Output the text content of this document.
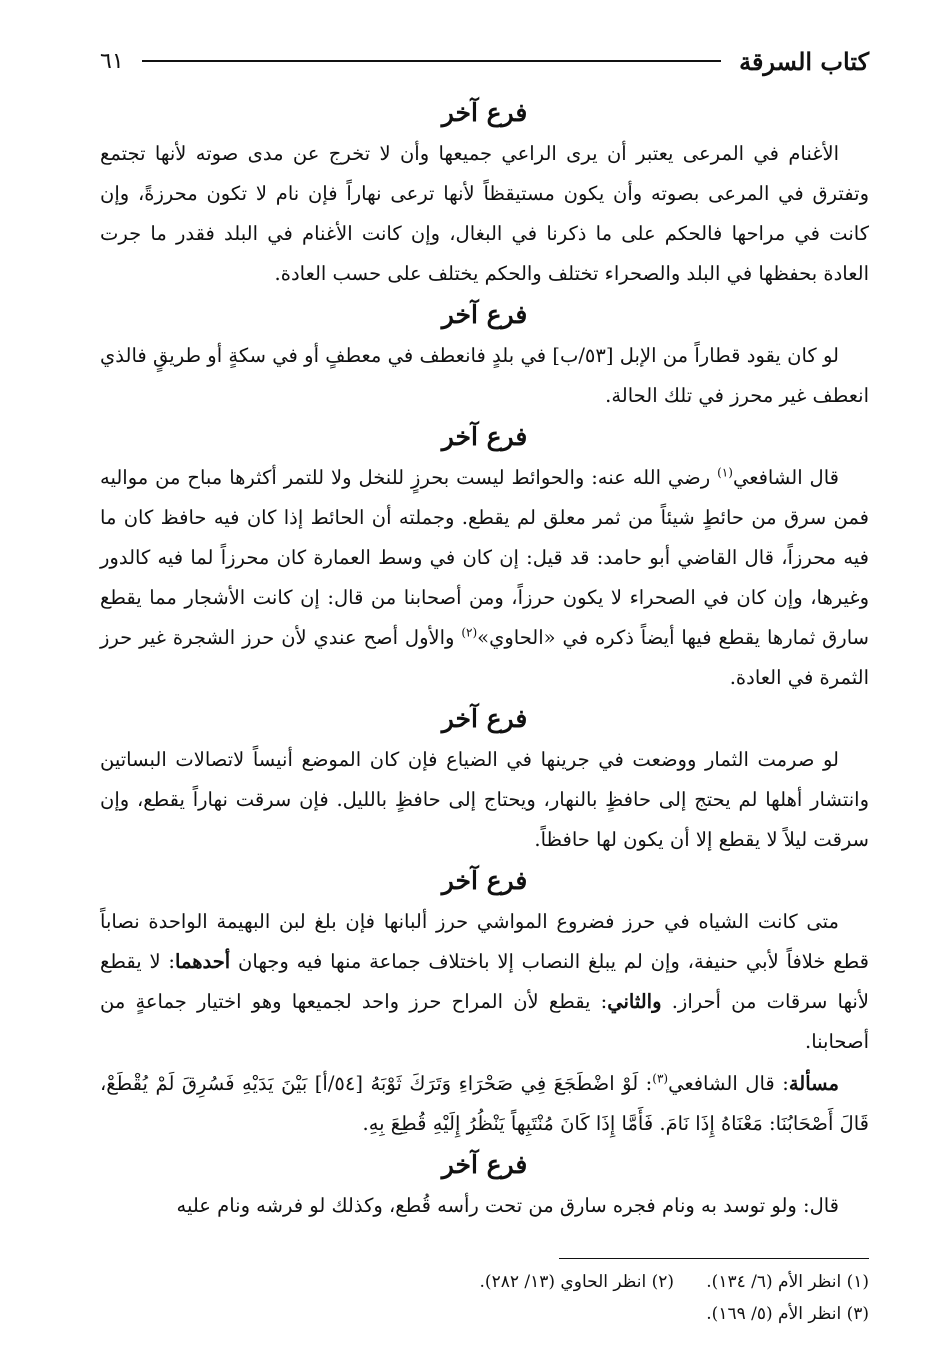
كتاب السرقة
٦١
فرع آخر

الأغنام في المرعى يعتبر أن يرى الراعي جميعها وأن لا تخرج عن مدى صوته لأنها تجتمع وتفترق في المرعى بصوته وأن يكون مستيقظاً لأنها ترعى نهاراً فإن نام لا تكون محرزةً، وإن كانت في مراحها فالحكم على ما ذكرنا في البغال، وإن كانت الأغنام في البلد فقدر ما جرت العادة بحفظها في البلد والصحراء تختلف والحكم يختلف على حسب العادة.

فرع آخر

لو كان يقود قطاراً من الإبل [٥٣/ب] في بلدٍ فانعطف في معطفٍ أو في سكةٍ أو طريقٍ فالذي انعطف غير محرز في تلك الحالة.

فرع آخر

قال الشافعي$^{(١)}$ رضي الله عنه: والحوائط ليست بحرزٍ للنخل ولا للتمر أكثرها مباح من مواليه فمن سرق من حائطٍ شيئاً من ثمر معلق لم يقطع. وجملته أن الحائط إذا كان فيه حافظ كان ما فيه محرزاً، قال القاضي أبو حامد: قد قيل: إن كان في وسط العمارة كان محرزاً لما فيه كالدور وغيرها، وإن كان في الصحراء لا يكون حرزاً، ومن أصحابنا من قال: إن كانت الأشجار مما يقطع سارق ثمارها يقطع فيها أيضاً ذكره في «الحاوي»$^{(٢)}$ والأول أصح عندي لأن حرز الشجرة غير حرز الثمرة في العادة.

فرع آخر

لو صرمت الثمار ووضعت في جرينها في الضياع فإن كان الموضع أنيساً لاتصالات البساتين وانتشار أهلها لم يحتج إلى حافظٍ بالنهار، ويحتاج إلى حافظٍ بالليل. فإن سرقت نهاراً يقطع، وإن سرقت ليلاً لا يقطع إلا أن يكون لها حافظاً.

فرع آخر

متى كانت الشياه في حرز فضروع المواشي حرز ألبانها فإن بلغ لبن البهيمة الواحدة نصاباً قطع خلافاً لأبي حنيفة، وإن لم يبلغ النصاب إلا باختلاف جماعة منها فيه وجهان أحدهما: لا يقطع لأنها سرقات من أحراز. والثاني: يقطع لأن المراح حرز واحد لجميعها وهو اختيار جماعةٍ من أصحابنا.

مسألة: قال الشافعي$^{(٣)}$: لَوْ اضْطَجَعَ فِي صَحْرَاءِ وَتَرَكَ ثَوْبَهُ [٥٤/أ] بَيْنَ يَدَيْهِ فَسُرِقَ لَمْ يُقْطَعْ، قَالَ أَصْحَابُنَا: مَعْنَاهُ إِذَا نَامَ. فَأَمَّا إِذَا كَانَ مُنْتَبِهاً يَنْظُرُ إِلَيْهِ قُطِعَ بِهِ.

فرع آخر

قال: ولو توسد به ونام فجره سارق من تحت رأسه قُطع، وكذلك لو فرشه ونام عليه

(١) انظر الأم (٦/ ١٣٤).
(٢) انظر الحاوي (١٣/ ٢٨٢).
(٣) انظر الأم (٥/ ١٦٩).
